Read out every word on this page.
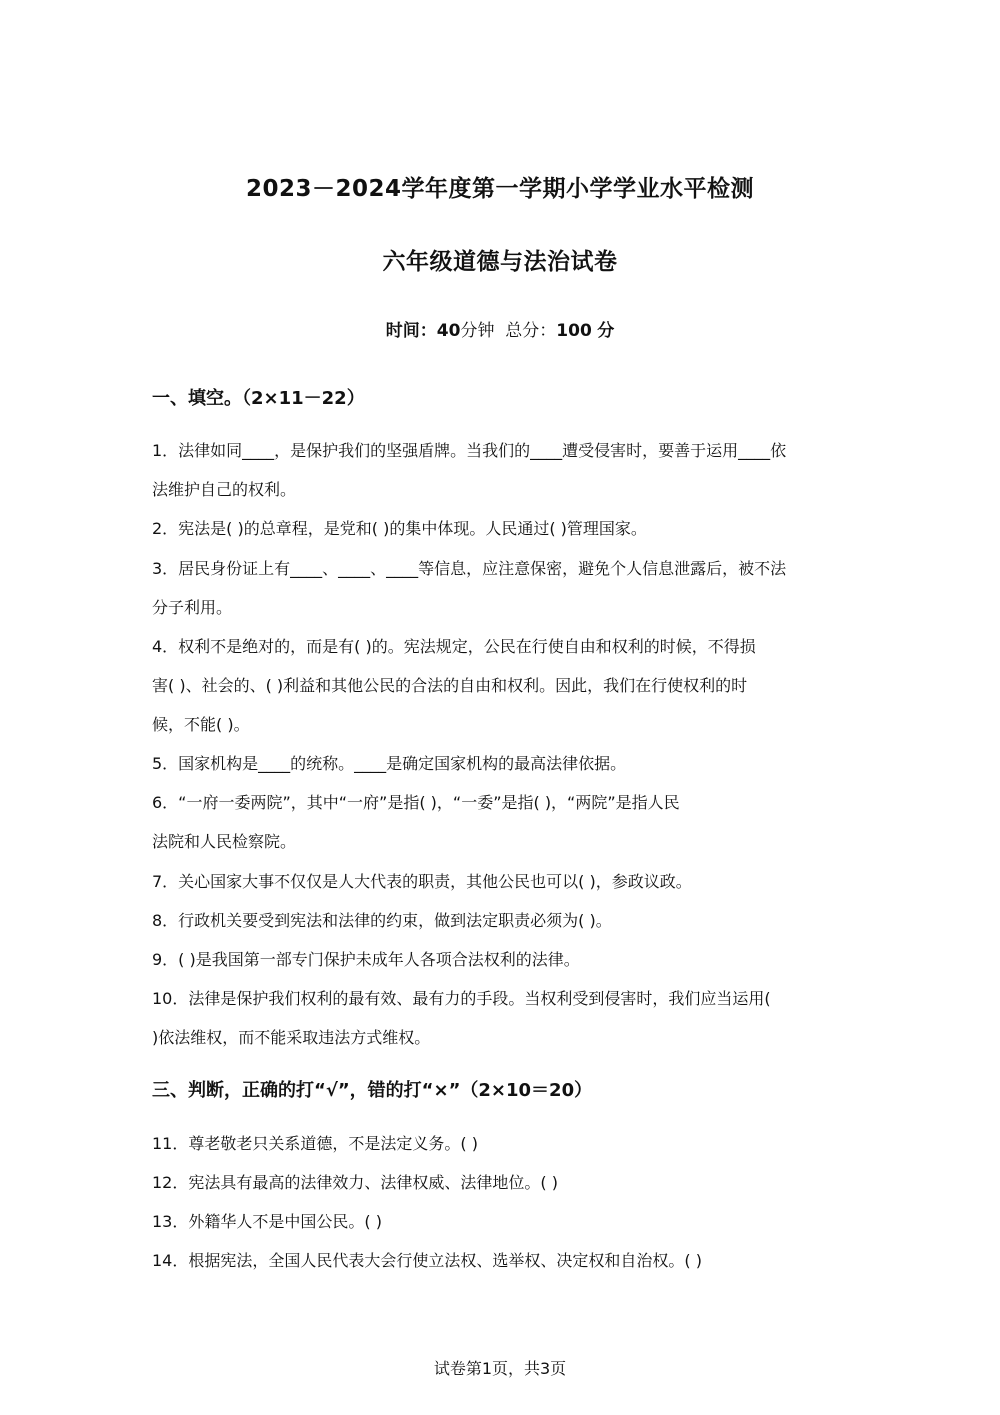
2023－2024学年度第一学期小学学业水平检测
六年级道德与法治试卷
时间：40分钟 总分：100 分
一、填空。（2×11－22）
1．法律如同____，是保护我们的坚强盾牌。当我们的____遭受侵害时，要善于运用____依
法维护自己的权利。
2．宪法是( )的总章程，是党和( )的集中体现。人民通过( )管理国家。
3．居民身份证上有____、____、____等信息，应注意保密，避免个人信息泄露后，被不法
分子利用。
4．权利不是绝对的，而是有( )的。宪法规定，公民在行使自由和权利的时候，不得损
害( )、社会的、( )利益和其他公民的合法的自由和权利。因此，我们在行使权利的时
候，不能( )。
5．国家机构是____的统称。____是确定国家机构的最高法律依据。
6．“一府一委两院”，其中“一府”是指( )，“一委”是指( )，“两院”是指人民
法院和人民检察院。
7．关心国家大事不仅仅是人大代表的职责，其他公民也可以( )，参政议政。
8．行政机关要受到宪法和法律的约束，做到法定职责必须为( )。
9．( )是我国第一部专门保护未成年人各项合法权利的法律。
10．法律是保护我们权利的最有效、最有力的手段。当权利受到侵害时，我们应当运用(
)依法维权，而不能采取违法方式维权。
三、判断，正确的打“√”，错的打“×”（2×10＝20）
11．尊老敬老只关系道德，不是法定义务。( )
12．宪法具有最高的法律效力、法律权威、法律地位。( )
13．外籍华人不是中国公民。( )
14．根据宪法，全国人民代表大会行使立法权、选举权、决定权和自治权。( )
试卷第1页，共3页
